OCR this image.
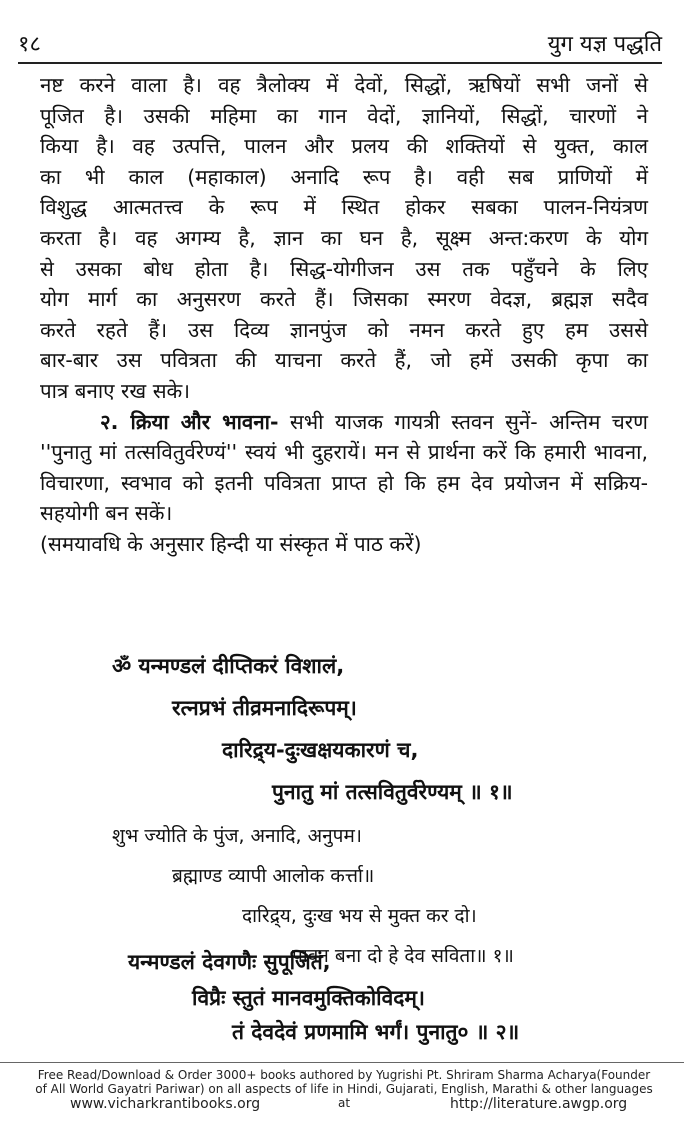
१८	युग यज्ञ पद्धति

नष्ट करने वाला है। वह त्रैलोक्य में देवों, सिद्धों, ऋषियों सभी जनों से

पूजित है। उसकी महिमा का गान वेदों, ज्ञानियों, सिद्धों, चारणों ने

किया है। वह उत्पत्ति, पालन और प्रलय की शक्तियों से युक्त, काल

का भी काल (महाकाल) अनादि रूप है। वही सब प्राणियों में

विशुद्ध आत्मतत्त्व के रूप में स्थित होकर सबका पालन-नियंत्रण

करता है। वह अगम्य है, ज्ञान का घन है, सूक्ष्म अन्त:करण के योग

से उसका बोध होता है। सिद्ध-योगीजन उस तक पहुँचने के लिए

योग मार्ग का अनुसरण करते हैं। जिसका स्मरण वेदज्ञ, ब्रह्मज्ञ सदैव

करते रहते हैं। उस दिव्य ज्ञानपुंज को नमन करते हुए हम उससे

बार-बार उस पवित्रता की याचना करते हैं, जो हमें उसकी कृपा का

पात्र बनाए रख सके।

२. क्रिया और भावना- सभी याजक गायत्री स्तवन सुनें- अन्तिम चरण ''पुनातु मां तत्सवितुर्वरेण्यं'' स्वयं भी दुहरायें। मन से प्रार्थना करें कि हमारी भावना, विचारणा, स्वभाव को इतनी पवित्रता प्राप्त हो कि हम देव प्रयोजन में सक्रिय-सहयोगी बन सकें।

(समयावधि के अनुसार हिन्दी या संस्कृत में पाठ करें)

ॐ यन्मण्डलं दीप्तिकरं विशालं,
रत्नप्रभं तीव्रमनादिरूपम्।
दारिद्र्य-दुःखक्षयकारणं च,
पुनातु मां तत्सवितुर्वरेण्यम् ॥ १॥
शुभ ज्योति के पुंज, अनादि, अनुपम।
ब्रह्माण्ड व्यापी आलोक कर्त्ता॥
दारिद्र्य, दुःख भय से मुक्त कर दो।
पावन बना दो हे देव सविता॥ १॥
यन्मण्डलं देवगणैः सुपूजितं,
विप्रैः स्तुतं मानवमुक्तिकोविदम्।
तं देवदेवं प्रणमामि भर्गं। पुनातु० ॥ २॥
Free Read/Download & Order 3000+ books authored by Yugrishi Pt. Shriram Sharma Acharya(Founder of All World Gayatri Pariwar) on all aspects of life in Hindi, Gujarati, English, Marathi & other languages at
www.vicharkrantibooks.org	http://literature.awgp.org
